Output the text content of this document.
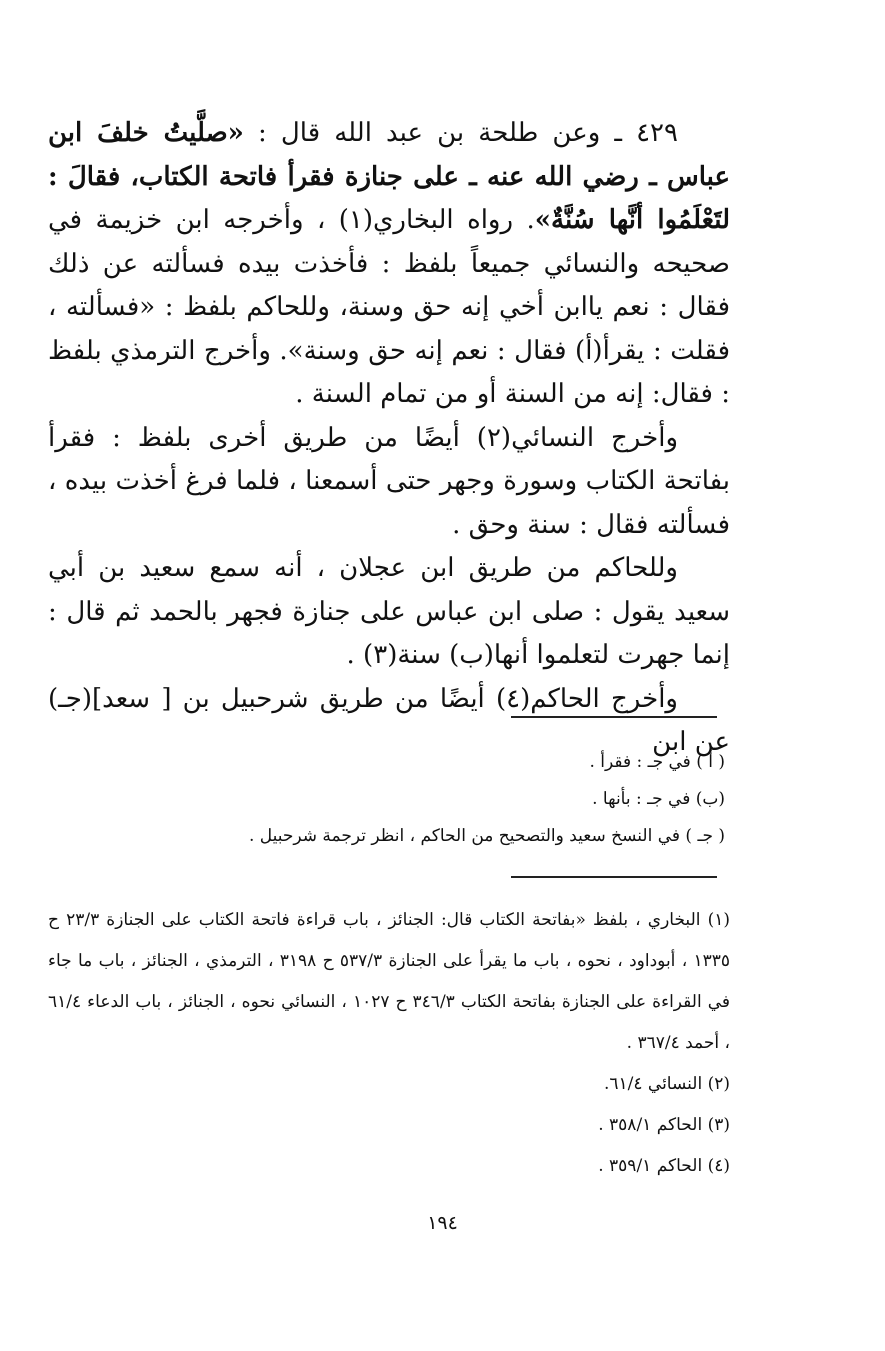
٤٢٩ ـ وعن طلحة بن عبد الله قال : «صلَّيتُ خلفَ ابن عباس ـ رضي الله عنه ـ على جنازة فقرأ فاتحة الكتاب، فقالَ : لتَعْلَمُوا أنَّها سُنَّةٌ». رواه البخاري(١) ، وأخرجه ابن خزيمة في صحيحه والنسائي جميعاً بلفظ : فأخذت بيده فسألته عن ذلك فقال : نعم ياابن أخي إنه حق وسنة، وللحاكم بلفظ : «فسألته ، فقلت : يقرأ(أ) فقال : نعم إنه حق وسنة». وأخرج الترمذي بلفظ : فقال: إنه من السنة أو من تمام السنة .

وأخرج النسائي(٢) أيضًا من طريق أخرى بلفظ : فقرأ بفاتحة الكتاب وسورة وجهر حتى أسمعنا ، فلما فرغ أخذت بيده ، فسألته فقال : سنة وحق .

وللحاكم من طريق ابن عجلان ، أنه سمع سعيد بن أبي سعيد يقول : صلى ابن عباس على جنازة فجهر بالحمد ثم قال : إنما جهرت لتعلموا أنها(ب) سنة(٣) .

وأخرج الحاكم(٤) أيضًا من طريق شرحبيل بن [ سعد](جـ) عن ابن

( أ ) في جـ : فقرأ .
(ب) في جـ : بأنها .
( جـ ) في النسخ سعيد والتصحيح من الحاكم ، انظر ترجمة شرحبيل .
(١) البخاري ، بلفظ «بفاتحة الكتاب قال: الجنائز ، باب قراءة فاتحة الكتاب على الجنازة ٢٣/٣ ح ١٣٣٥ ، أبوداود ، نحوه ، باب ما يقرأ على الجنازة ٥٣٧/٣ ح ٣١٩٨ ، الترمذي ، الجنائز ، باب ما جاء في القراءة على الجنازة بفاتحة الكتاب ٣٤٦/٣ ح ١٠٢٧ ، النسائي نحوه ، الجنائز ، باب الدعاء ٦١/٤ ، أحمد ٣٦٧/٤ .
(٢) النسائي ٦١/٤.
(٣) الحاكم ٣٥٨/١ .
(٤) الحاكم ٣٥٩/١ .
١٩٤
